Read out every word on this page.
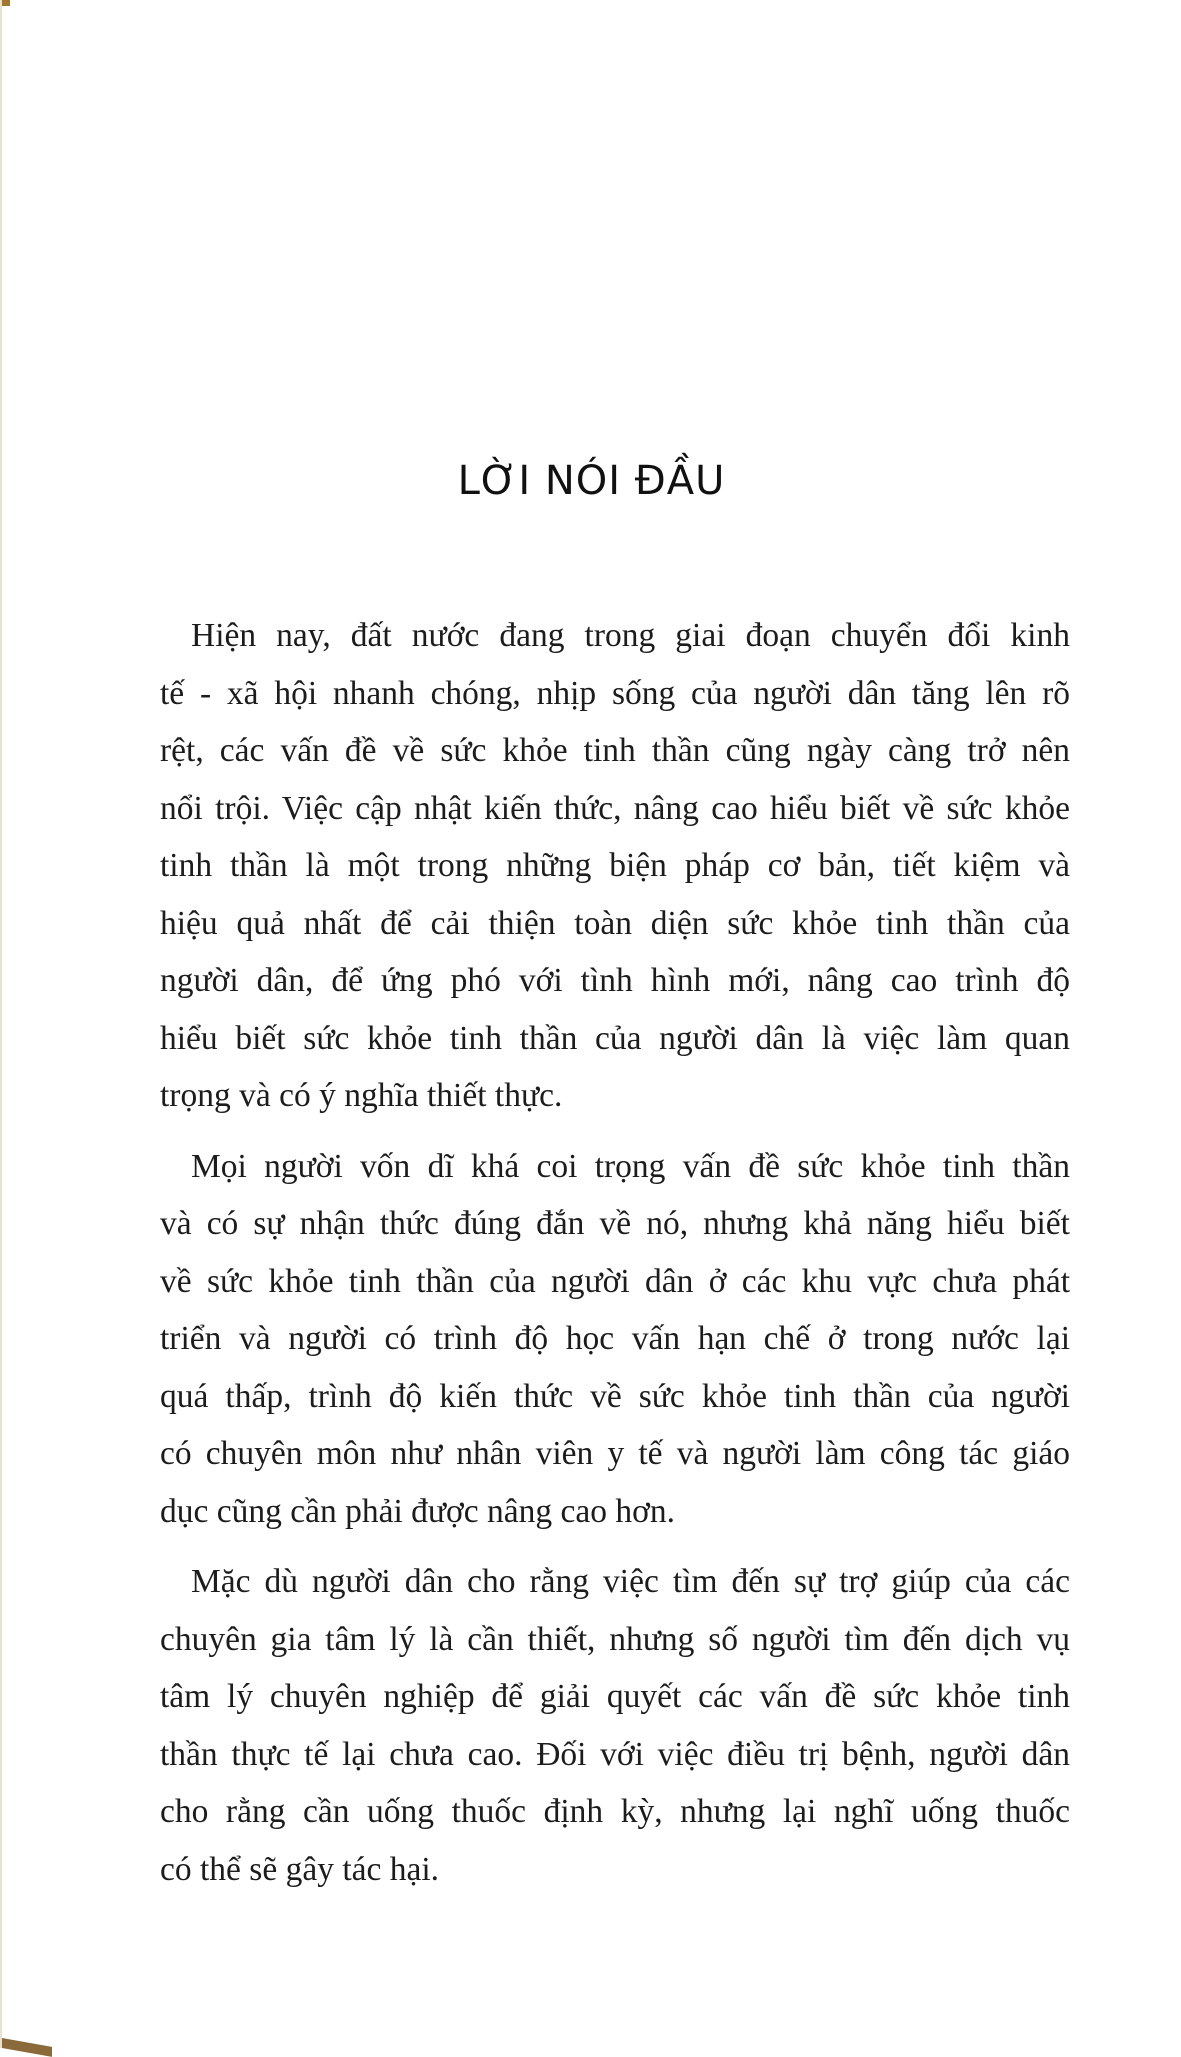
LỜI NÓI ĐẦU

Hiện nay, đất nước đang trong giai đoạn chuyển đổi kinh
tế - xã hội nhanh chóng, nhịp sống của người dân tăng lên rõ
rệt, các vấn đề về sức khỏe tinh thần cũng ngày càng trở nên
nổi trội. Việc cập nhật kiến thức, nâng cao hiểu biết về sức khỏe
tinh thần là một trong những biện pháp cơ bản, tiết kiệm và
hiệu quả nhất để cải thiện toàn diện sức khỏe tinh thần của
người dân, để ứng phó với tình hình mới, nâng cao trình độ
hiểu biết sức khỏe tinh thần của người dân là việc làm quan
trọng và có ý nghĩa thiết thực.

Mọi người vốn dĩ khá coi trọng vấn đề sức khỏe tinh thần
và có sự nhận thức đúng đắn về nó, nhưng khả năng hiểu biết
về sức khỏe tinh thần của người dân ở các khu vực chưa phát
triển và người có trình độ học vấn hạn chế ở trong nước lại
quá thấp, trình độ kiến thức về sức khỏe tinh thần của người
có chuyên môn như nhân viên y tế và người làm công tác giáo
dục cũng cần phải được nâng cao hơn.

Mặc dù người dân cho rằng việc tìm đến sự trợ giúp của các
chuyên gia tâm lý là cần thiết, nhưng số người tìm đến dịch vụ
tâm lý chuyên nghiệp để giải quyết các vấn đề sức khỏe tinh
thần thực tế lại chưa cao. Đối với việc điều trị bệnh, người dân
cho rằng cần uống thuốc định kỳ, nhưng lại nghĩ uống thuốc
có thể sẽ gây tác hại.
